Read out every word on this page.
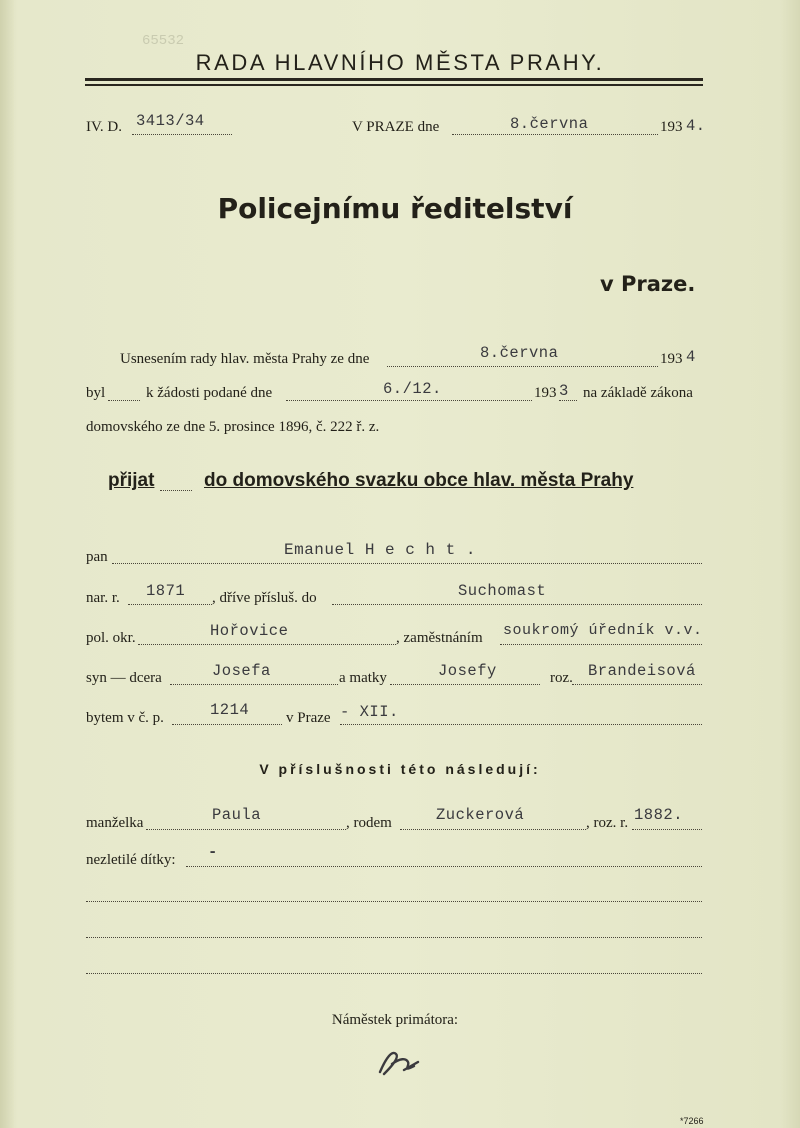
65532
RADA HLAVNÍHO MĚSTA PRAHY.
IV. D. 3413/34	V PRAZE dne	8.června	193 4.
Policejnímu ředitelství
v Praze.
Usnesením rady hlav. města Prahy ze dne	8.června	193 4
byl	k žádosti podané dne	6./12.	193 3 na základě zákona
domovského ze dne 5. prosince 1896, č. 222 ř. z.
přijat	do domovského svazku obce hlav. města Prahy
pan	Emanuel H e c h t .
nar. r. 1871 , dříve přísluš. do	Suchomast
pol. okr.	Hořovice	, zaměstnáním soukromý úředník v.v.
syn — dcera	Josefa	a matky	Josefy	roz. Brandeisová
bytem v č. p.	1214 v Praze - XII.
V příslušnosti této následují:
manželka	Paula	, rodem	Zuckerová	, roz. r. 1882.
nezletilé dítky: -
Náměstek primátora:
*7266
